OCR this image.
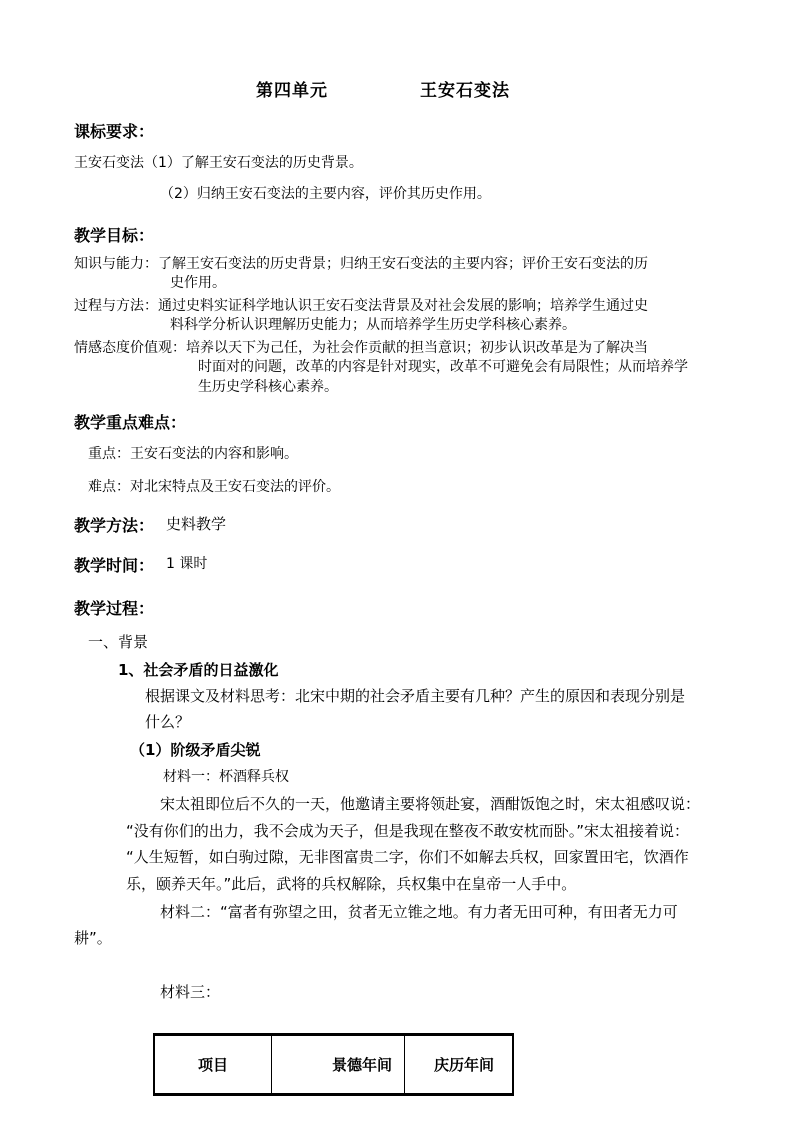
第四单元	王安石变法
课标要求：
王安石变法（1）了解王安石变法的历史背景。
（2）归纳王安石变法的主要内容，评价其历史作用。
教学目标：
知识与能力：了解王安石变法的历史背景；归纳王安石变法的主要内容；评价王安石变法的历
史作用。
过程与方法：通过史料实证科学地认识王安石变法背景及对社会发展的影响；培养学生通过史
料科学分析认识理解历史能力；从而培养学生历史学科核心素养。
情感态度价值观：培养以天下为己任，为社会作贡献的担当意识；初步认识改革是为了解决当
时面对的问题，改革的内容是针对现实，改革不可避免会有局限性；从而培养学
生历史学科核心素养。
教学重点难点：
重点：王安石变法的内容和影响。
难点：对北宋特点及王安石变法的评价。
教学方法： 史料教学
教学时间： 1 课时
教学过程：
一、背景
1、社会矛盾的日益激化
根据课文及材料思考：北宋中期的社会矛盾主要有几种？产生的原因和表现分别是
什么？
（1）阶级矛盾尖锐
材料一：杯酒释兵权
宋太祖即位后不久的一天，他邀请主要将领赴宴，酒酣饭饱之时，宋太祖感叹说：
“没有你们的出力，我不会成为天子，但是我现在整夜不敢安枕而卧。”宋太祖接着说：
“人生短暂，如白驹过隙，无非图富贵二字，你们不如解去兵权，回家置田宅，饮酒作
乐，颐养天年。”此后，武将的兵权解除，兵权集中在皇帝一人手中。
材料二：“富者有弥望之田，贫者无立锥之地。有力者无田可种，有田者无力可
耕”。
材料三：
项目	景德年间	庆历年间
